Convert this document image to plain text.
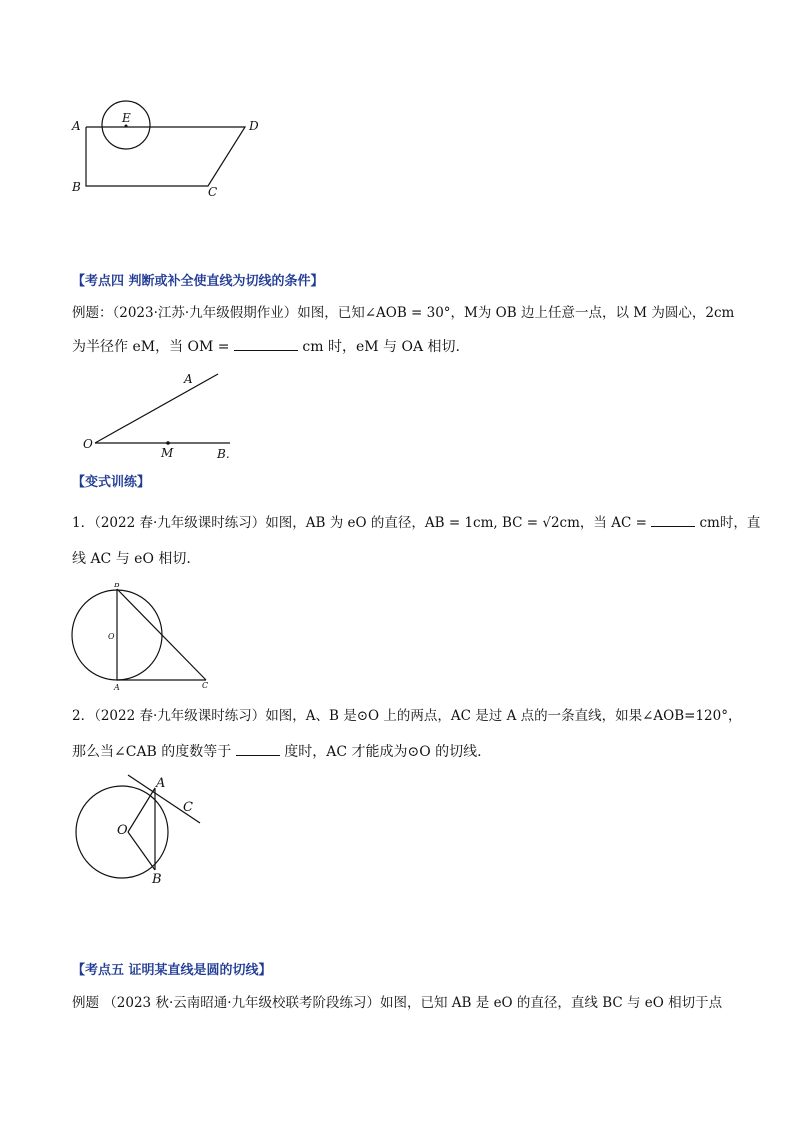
A
E
D
B	C
【考点四 判断或补全使直线为切线的条件】
例题：（2023·江苏·九年级假期作业）如图，已知∠AOB = 30°，M为 OB 边上任意一点，以 M 为圆心，2cm
为半径作 eM，当 OM =	cm 时，eM 与 OA 相切.
O
A
M	B.
【变式训练】
1．（2022 春·九年级课时练习）如图，AB 为 eO 的直径，AB = 1cm, BC = √2cm，当 AC =	cm时，直
线 AC 与 eO 相切.
B
O
A	C
2．（2022 春·九年级课时练习）如图，A、B 是⊙O 上的两点，AC 是过 A 点的一条直线，如果∠AOB=120°，
那么当∠CAB 的度数等于	度时，AC 才能成为⊙O 的切线.
A
C
O
B
【考点五 证明某直线是圆的切线】
例题 （2023 秋·云南昭通·九年级校联考阶段练习）如图，已知 AB 是 eO 的直径，直线 BC 与 eO 相切于点
